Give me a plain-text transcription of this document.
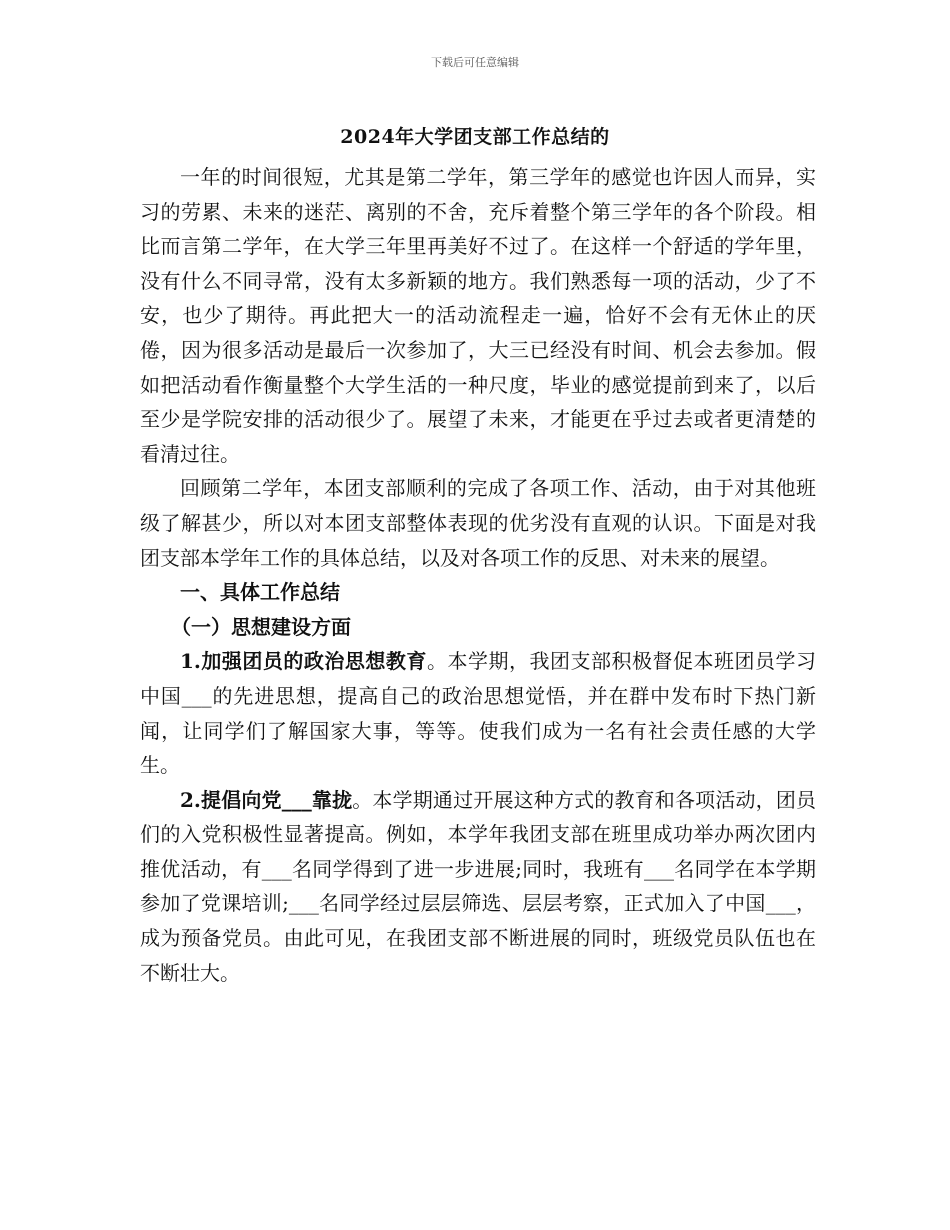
下载后可任意编辑
2024年大学团支部工作总结的

一年的时间很短，尤其是第二学年，第三学年的感觉也许因人而异，实习的劳累、未来的迷茫、离别的不舍，充斥着整个第三学年的各个阶段。相比而言第二学年，在大学三年里再美好不过了。在这样一个舒适的学年里，没有什么不同寻常，没有太多新颖的地方。我们熟悉每一项的活动，少了不安，也少了期待。再此把大一的活动流程走一遍，恰好不会有无休止的厌倦，因为很多活动是最后一次参加了，大三已经没有时间、机会去参加。假如把活动看作衡量整个大学生活的一种尺度，毕业的感觉提前到来了，以后至少是学院安排的活动很少了。展望了未来，才能更在乎过去或者更清楚的看清过往。

回顾第二学年，本团支部顺利的完成了各项工作、活动，由于对其他班级了解甚少，所以对本团支部整体表现的优劣没有直观的认识。下面是对我团支部本学年工作的具体总结，以及对各项工作的反思、对未来的展望。

一、具体工作总结
（一）思想建设方面

1.加强团员的政治思想教育。本学期，我团支部积极督促本班团员学习中国___的先进思想，提高自己的政治思想觉悟，并在群中发布时下热门新闻，让同学们了解国家大事，等等。使我们成为一名有社会责任感的大学生。

2.提倡向党___靠拢。本学期通过开展这种方式的教育和各项活动，团员们的入党积极性显著提高。例如，本学年我团支部在班里成功举办两次团内推优活动，有___名同学得到了进一步进展;同时，我班有___名同学在本学期参加了党课培训;___名同学经过层层筛选、层层考察，正式加入了中国___，成为预备党员。由此可见，在我团支部不断进展的同时，班级党员队伍也在不断壮大。
